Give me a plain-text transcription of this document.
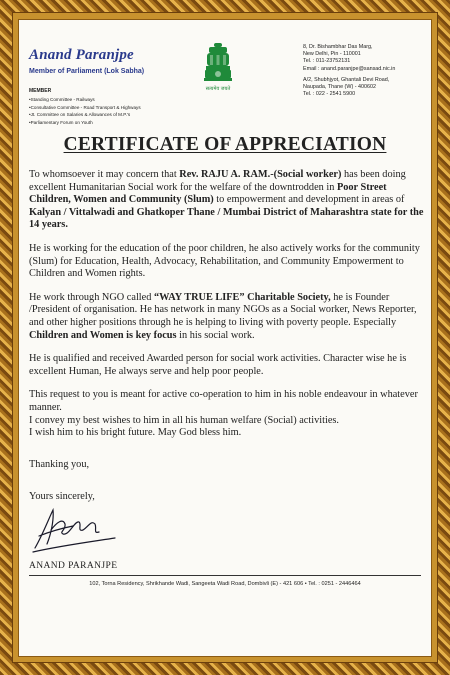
Anand Paranjpe
Member of Parliament (Lok Sabha)
MEMBER
• Standing Committee - Railways
• Consultative Committee - Road Transport & Highways
• Jt. Committee on Salaries & Allowances of M.P.'s
• Parliamentary Forum on Youth
सत्यमेव जयते
8, Dr. Bishambhar Das Marg,
New Delhi, Pin - 110001
Tel. : 011-23752131
Email : anand.paranjpe@sansad.nic.in
A/2, Shubhjyot, Ghantali Devi Road,
Naupada, Thane (W) - 400602
Tel. : 022 - 2541 5900
CERTIFICATE OF APPRECIATION

To whomsoever it may concern that Rev. RAJU A. RAM.-(Social worker) has been doing excellent Humanitarian Social work for the welfare of the downtrodden in Poor Street Children, Women and Community (Slum) to empowerment and development in areas of Kalyan / Vittalwadi and Ghatkoper Thane / Mumbai District of Maharashtra state for the 14 years.

He is working for the education of the poor children, he also actively works for the community (Slum) for Education, Health, Advocacy, Rehabilitation, and Community Empowerment to Children and Women rights.

He work through NGO called “WAY TRUE LIFE” Charitable Society, he is Founder /President of organisation. He has network in many NGOs as a Social worker, News Reporter, and other higher positions through he is helping to living with poverty people. Especially Children and Women is key focus in his social work.

He is qualified and received Awarded person for social work activities. Character wise he is excellent Human, He always serve and help poor people.

This request to you is meant for active co-operation to him in his noble endeavour in whatever manner.
I convey my best wishes to him in all his human welfare (Social) activities.
I wish him to his bright future. May God bless him.

Thanking you,
Yours sincerely,
ANAND PARANJPE
102, Torna Residency, Shrikhande Wadi, Sangeeta Wadi Road, Dombivli (E) - 421 606 • Tel. : 0251 - 2446464
